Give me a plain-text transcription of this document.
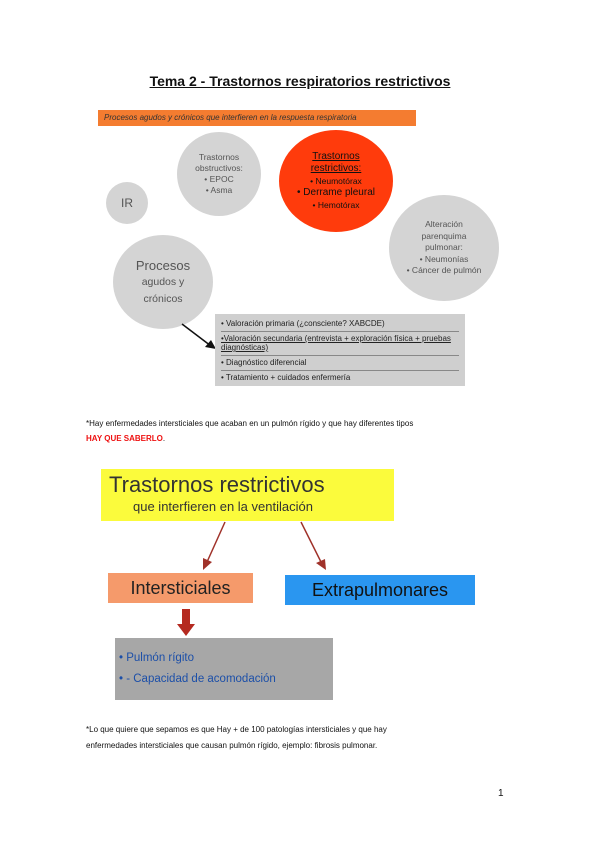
Tema 2 - Trastornos respiratorios restrictivos
Procesos agudos y crónicos que interfieren en la respuesta respiratoria
Trastornos
obstructivos:
• EPOC
• Asma
Trastornos
restrictivos:
• Neumotórax
• Derrame pleural
• Hemotórax
IR
Alteración
parenquima
pulmonar:
• Neumonías
• Cáncer de pulmón
Procesos
agudos y
crónicos
• Valoración primaria (¿consciente? XABCDE)
•Valoración secundaria (entrevista + exploración física + pruebas diagnósticas)
• Diagnóstico diferencial
• Tratamiento + cuidados enfermería
*Hay enfermedades intersticiales que acaban en un pulmón rígido y que hay diferentes tipos
HAY QUE SABERLO.
Trastornos restrictivos
que interfieren en la ventilación
Intersticiales	Extrapulmonares
• Pulmón rígito
• - Capacidad de acomodación
*Lo que quiere que sepamos es que Hay + de 100 patologías intersticiales y que hay
enfermedades intersticiales que causan pulmón rígido, ejemplo: fibrosis pulmonar.
1
